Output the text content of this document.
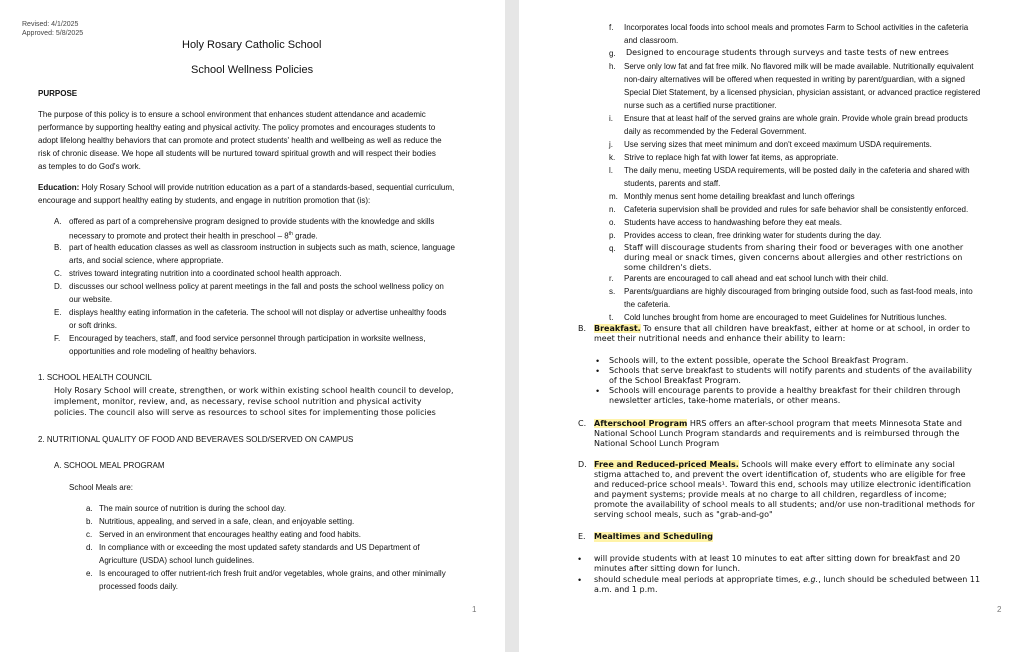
Revised: 4/1/2025
Approved: 5/8/2025
Holy Rosary Catholic School
School Wellness Policies
PURPOSE
The purpose of this policy is to ensure a school environment that enhances student attendance and academic
performance by supporting healthy eating and physical activity. The policy promotes and encourages students to
adopt lifelong healthy behaviors that can promote and protect students' health and wellbeing as well as reduce the
risk of chronic disease. We hope all students will be nurtured toward spiritual growth and will respect their bodies
as temples to do God's work.
Education: Holy Rosary School will provide nutrition education as a part of a standards-based, sequential curriculum,
encourage and support healthy eating by students, and engage in nutrition promotion that (is):
A. offered as part of a comprehensive program designed to provide students with the knowledge and skills
necessary to promote and protect their health in preschool – 8th grade.
B. part of health education classes as well as classroom instruction in subjects such as math, science, language
arts, and social science, where appropriate.
C. strives toward integrating nutrition into a coordinated school health approach.
D. discusses our school wellness policy at parent meetings in the fall and posts the school wellness policy on
our website.
E. displays healthy eating information in the cafeteria. The school will not display or advertise unhealthy foods
or soft drinks.
F. Encouraged by teachers, staff, and food service personnel through participation in worksite wellness,
opportunities and role modeling of healthy behaviors.
1. SCHOOL HEALTH COUNCIL
Holy Rosary School will create, strengthen, or work within existing school health council to develop,
implement, monitor, review, and, as necessary, revise school nutrition and physical activity
policies. The council also will serve as resources to school sites for implementing those policies
2. NUTRITIONAL QUALITY OF FOOD AND BEVERAVES SOLD/SERVED ON CAMPUS
A. SCHOOL MEAL PROGRAM
School Meals are:
a. The main source of nutrition is during the school day.
b. Nutritious, appealing, and served in a safe, clean, and enjoyable setting.
c. Served in an environment that encourages healthy eating and food habits.
d. In compliance with or exceeding the most updated safety standards and US Department of
Agriculture (USDA) school lunch guidelines.
e. Is encouraged to offer nutrient-rich fresh fruit and/or vegetables, whole grains, and other minimally
processed foods daily.
1
f. Incorporates local foods into school meals and promotes Farm to School activities in the cafeteria
and classroom.
g. Designed to encourage students through surveys and taste tests of new entrees
h. Serve only low fat and fat free milk. No flavored milk will be made available. Nutritionally equivalent
non-dairy alternatives will be offered when requested in writing by parent/guardian, with a signed
Special Diet Statement, by a licensed physician, physician assistant, or advanced practice registered
nurse such as a certified nurse practitioner.
i. Ensure that at least half of the served grains are whole grain. Provide whole grain bread products
daily as recommended by the Federal Government.
j. Use serving sizes that meet minimum and don't exceed maximum USDA requirements.
k. Strive to replace high fat with lower fat items, as appropriate.
l. The daily menu, meeting USDA requirements, will be posted daily in the cafeteria and shared with
students, parents and staff.
m. Monthly menus sent home detailing breakfast and lunch offerings
n. Cafeteria supervision shall be provided and rules for safe behavior shall be consistently enforced.
o. Students have access to handwashing before they eat meals.
p. Provides access to clean, free drinking water for students during the day.
q. Staff will discourage students from sharing their food or beverages with one another
during meal or snack times, given concerns about allergies and other restrictions on
some children's diets.
r. Parents are encouraged to call ahead and eat school lunch with their child.
s. Parents/guardians are highly discouraged from bringing outside food, such as fast-food meals, into
the cafeteria.
t. Cold lunches brought from home are encouraged to meet Guidelines for Nutritious lunches.
B. Breakfast. To ensure that all children have breakfast, either at home or at school, in order to
meet their nutritional needs and enhance their ability to learn:
• Schools will, to the extent possible, operate the School Breakfast Program.
• Schools that serve breakfast to students will notify parents and students of the availability
of the School Breakfast Program.
• Schools will encourage parents to provide a healthy breakfast for their children through
newsletter articles, take-home materials, or other means.
C. Afterschool Program HRS offers an after-school program that meets Minnesota State and
National School Lunch Program standards and requirements and is reimbursed through the
National School Lunch Program
D. Free and Reduced-priced Meals. Schools will make every effort to eliminate any social
stigma attached to, and prevent the overt identification of, students who are eligible for free
and reduced-price school meals¹. Toward this end, schools may utilize electronic identification
and payment systems; provide meals at no charge to all children, regardless of income;
promote the availability of school meals to all students; and/or use non-traditional methods for
serving school meals, such as "grab-and-go"
E. Mealtimes and Scheduling
• will provide students with at least 10 minutes to eat after sitting down for breakfast and 20
minutes after sitting down for lunch.
• should schedule meal periods at appropriate times, e.g., lunch should be scheduled between 11
a.m. and 1 p.m.
2
